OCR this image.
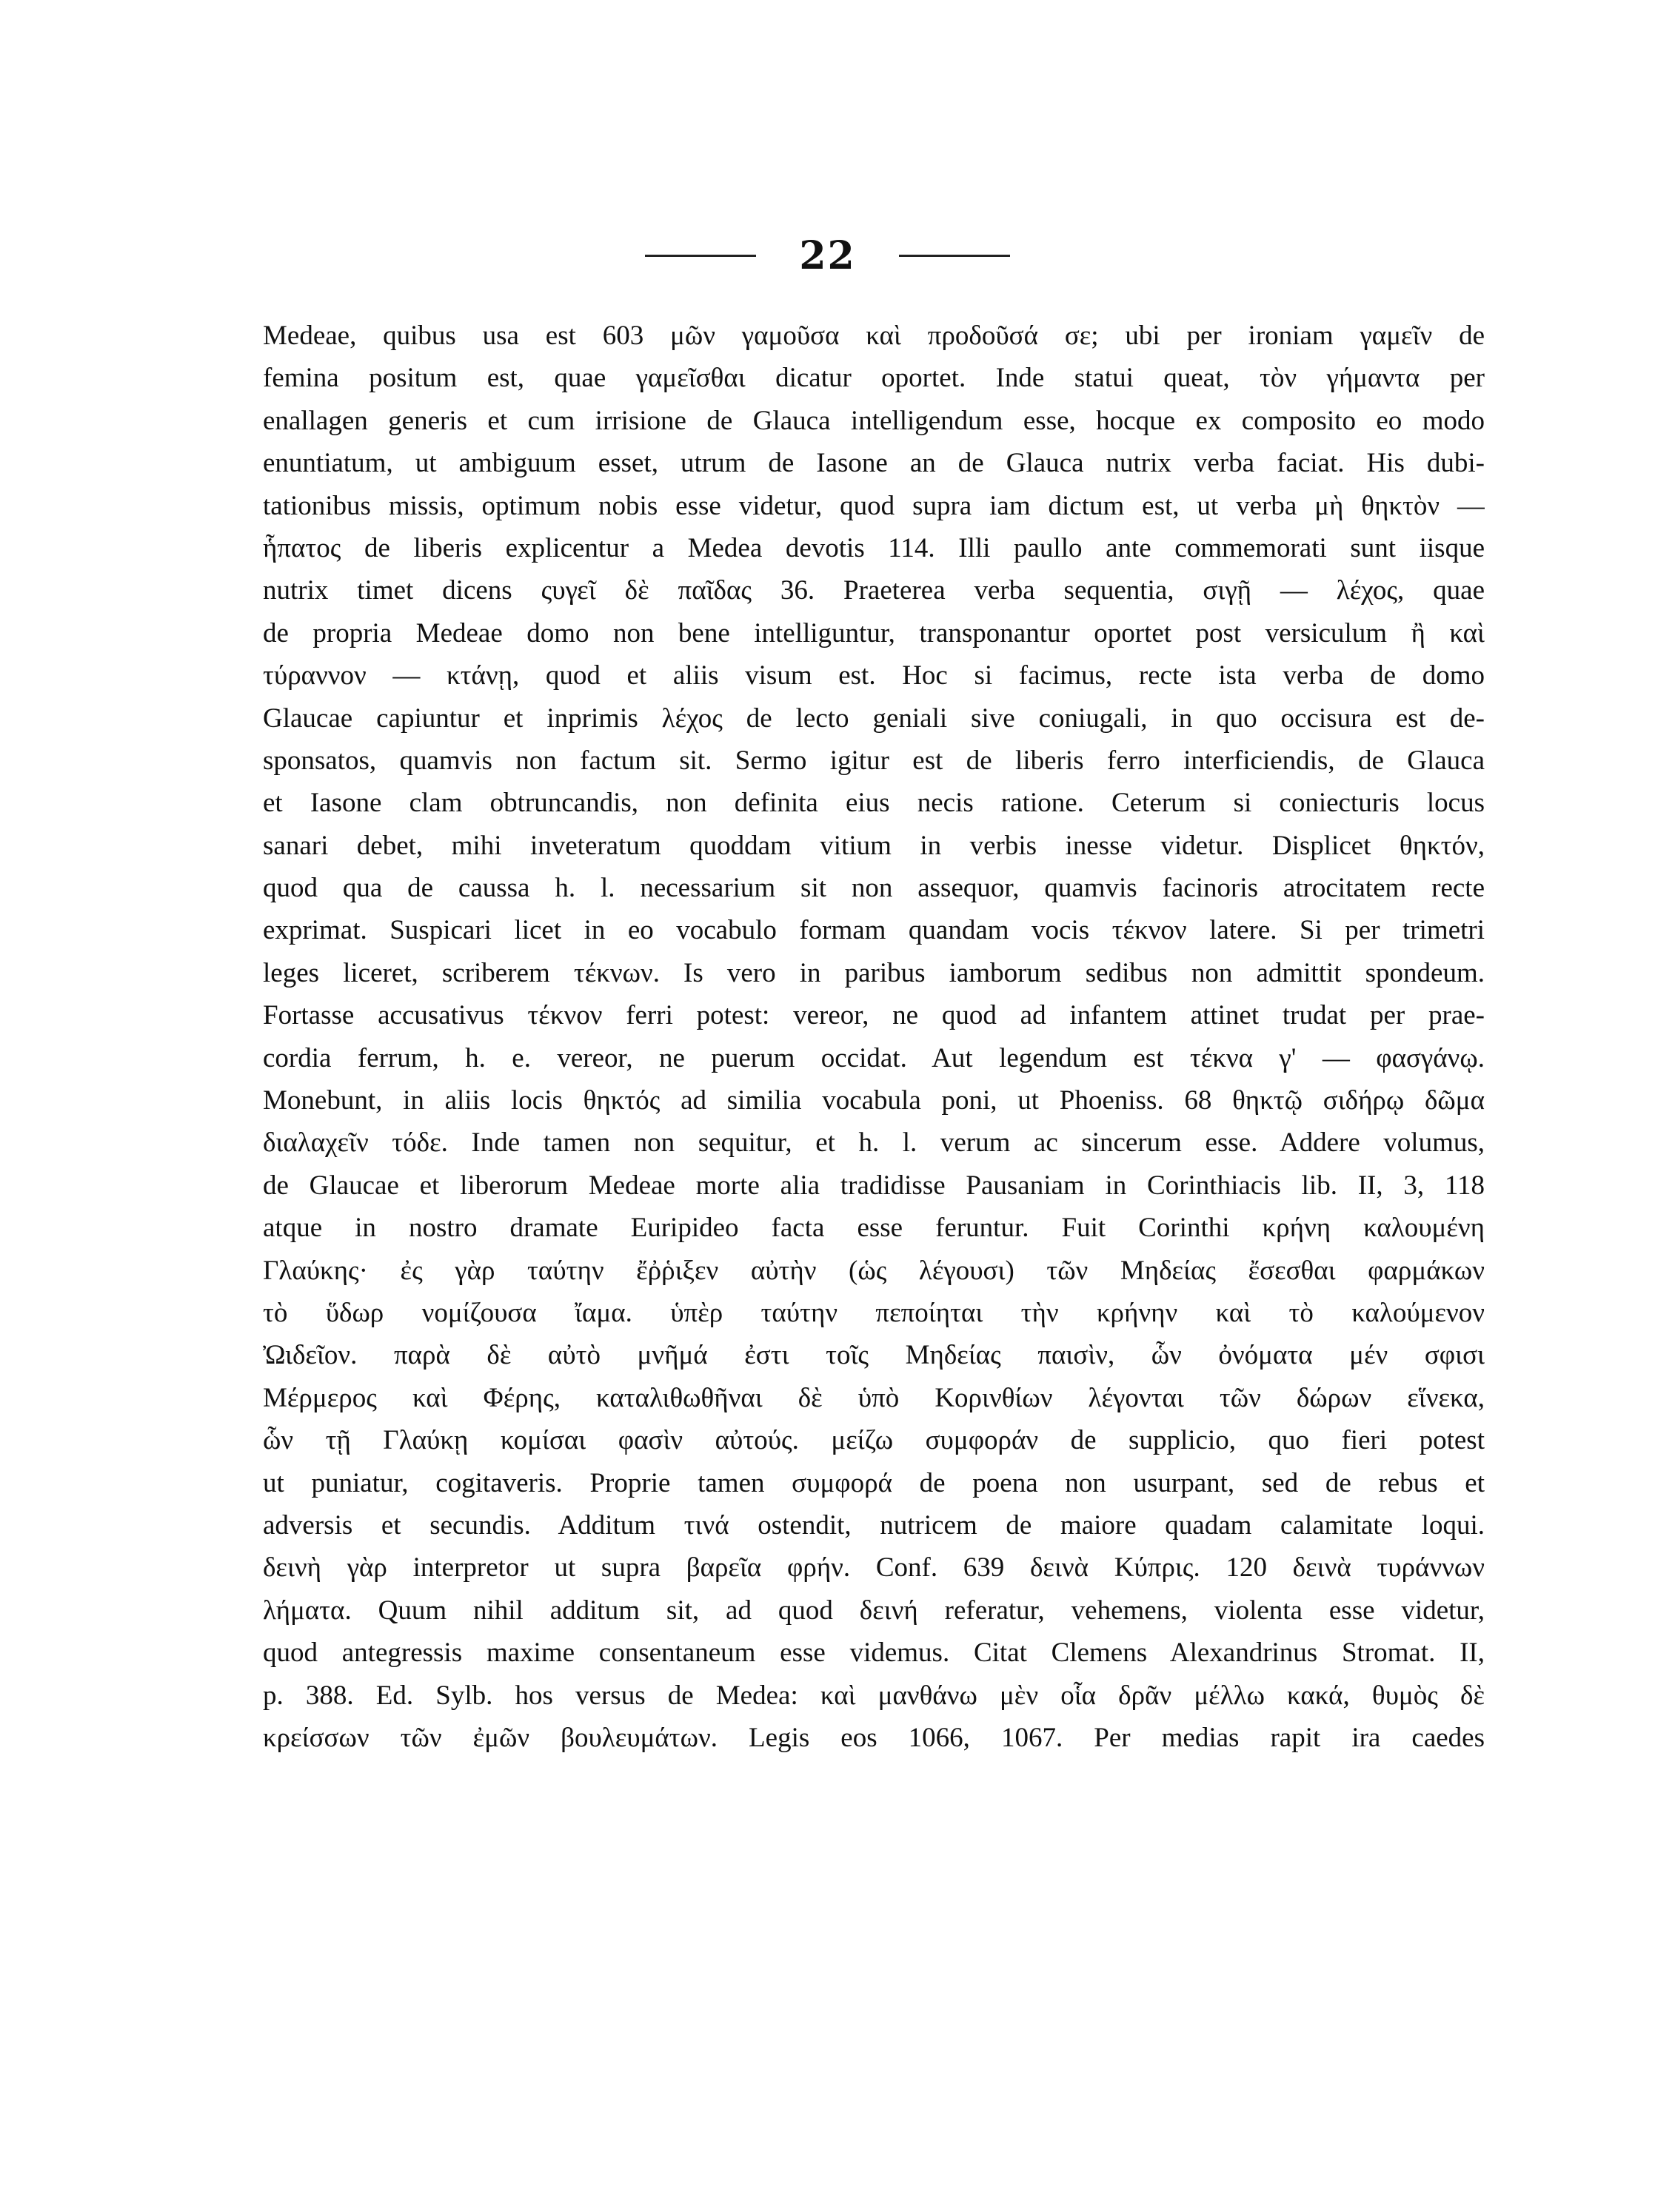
22
Medeae, quibus usa est 603 μῶν γαμοῦσα καὶ προδοῦσά σε; ubi per ironiam γαμεῖν de
femina positum est, quae γαμεῖσθαι dicatur oportet. Inde statui queat, τὸν γήμαντα per
enallagen generis et cum irrisione de Glauca intelligendum esse, hocque ex composito eo modo
enuntiatum, ut ambiguum esset, utrum de Iasone an de Glauca nutrix verba faciat. His dubi-
tationibus missis, optimum nobis esse videtur, quod supra iam dictum est, ut verba μὴ θηκτὸν —
ἧπατος de liberis explicentur a Medea devotis 114. Illi paullo ante commemorati sunt iisque
nutrix timet dicens ςυγεῖ δὲ παῖδας 36. Praeterea verba sequentia, σιγῇ — λέχος, quae
de propria Medeae domo non bene intelliguntur, transponantur oportet post versiculum ἢ καὶ
τύραννον — κτάνῃ, quod et aliis visum est. Hoc si facimus, recte ista verba de domo
Glaucae capiuntur et inprimis λέχος de lecto geniali sive coniugali, in quo occisura est de-
sponsatos, quamvis non factum sit. Sermo igitur est de liberis ferro interficiendis, de Glauca
et Iasone clam obtruncandis, non definita eius necis ratione. Ceterum si coniecturis locus
sanari debet, mihi inveteratum quoddam vitium in verbis inesse videtur. Displicet θηκτόν,
quod qua de caussa h. l. necessarium sit non assequor, quamvis facinoris atrocitatem recte
exprimat. Suspicari licet in eo vocabulo formam quandam vocis τέκνον latere. Si per trimetri
leges liceret, scriberem τέκνων. Is vero in paribus iamborum sedibus non admittit spondeum.
Fortasse accusativus τέκνον ferri potest: vereor, ne quod ad infantem attinet trudat per prae-
cordia ferrum, h. e. vereor, ne puerum occidat. Aut legendum est τέκνα γ' — φασγάνῳ.
Monebunt, in aliis locis θηκτός ad similia vocabula poni, ut Phoeniss. 68 θηκτῷ σιδήρῳ δῶμα
διαλαχεῖν τόδε. Inde tamen non sequitur, et h. l. verum ac sincerum esse. Addere volumus,
de Glaucae et liberorum Medeae morte alia tradidisse Pausaniam in Corinthiacis lib. II, 3, 118
atque in nostro dramate Euripideo facta esse feruntur. Fuit Corinthi κρήνη καλουμένη
Γλαύκης· ἐς γὰρ ταύτην ἔῤῥιξεν αὐτὴν (ὡς λέγουσι) τῶν Μηδείας ἔσεσθαι φαρμάκων
τὸ ὕδωρ νομίζουσα ἴαμα. ὑπὲρ ταύτην πεποίηται τὴν κρήνην καὶ τὸ καλούμενον
Ὠιδεῖον. παρὰ δὲ αὐτὸ μνῆμά ἐστι τοῖς Μηδείας παισὶν, ὧν ὀνόματα μέν σφισι
Μέρμερος καὶ Φέρης, καταλιθωθῆναι δὲ ὑπὸ Κορινθίων λέγονται τῶν δώρων εἵνεκα,
ὧν τῇ Γλαύκῃ κομίσαι φασὶν αὐτούς. μείζω συμφοράν de supplicio, quo fieri potest
ut puniatur, cogitaveris. Proprie tamen συμφορά de poena non usurpant, sed de rebus et
adversis et secundis. Additum τινά ostendit, nutricem de maiore quadam calamitate loqui.
δεινὴ γὰρ interpretor ut supra βαρεῖα φρήν. Conf. 639 δεινὰ Κύπρις. 120 δεινὰ τυράννων
λήματα. Quum nihil additum sit, ad quod δεινή referatur, vehemens, violenta esse videtur,
quod antegressis maxime consentaneum esse videmus. Citat Clemens Alexandrinus Stromat. II,
p. 388. Ed. Sylb. hos versus de Medea: καὶ μανθάνω μὲν οἷα δρᾶν μέλλω κακά, θυμὸς δὲ
κρείσσων τῶν ἐμῶν βουλευμάτων. Legis eos 1066, 1067. Per medias rapit ira caedes
